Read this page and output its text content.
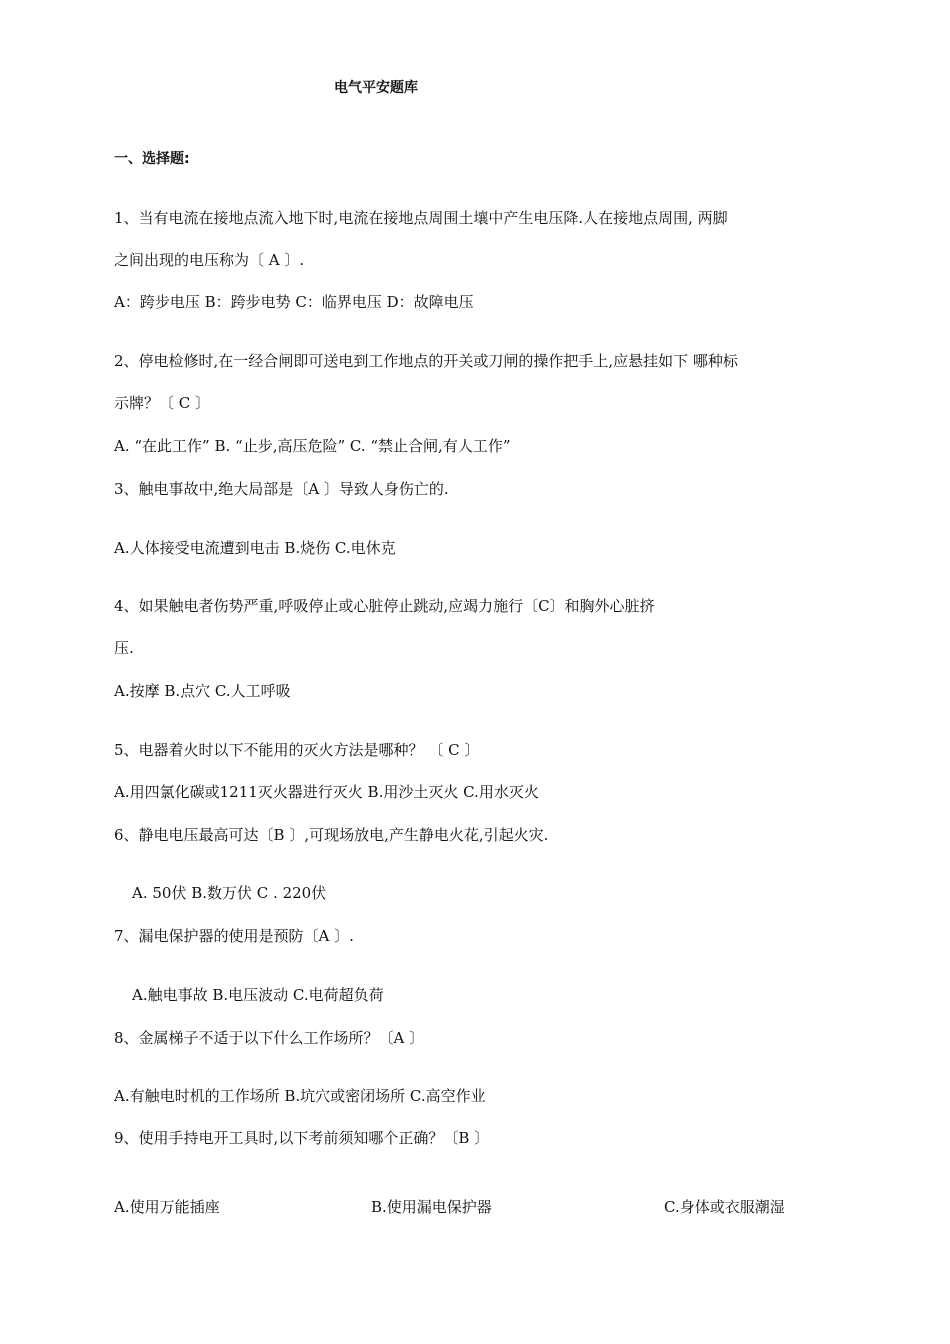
电气平安题库
一、选择题:
1、当有电流在接地点流入地下时,电流在接地点周围土壤中产生电压降.人在接地点周围, 两脚
之间出现的电压称为〔 A 〕.
A：跨步电压 B：跨步电势 C：临界电压 D：故障电压
2、停电检修时,在一经合闸即可送电到工作地点的开关或刀闸的操作把手上,应悬挂如下 哪种标
示牌？〔 C 〕
A. “在此工作” B. “止步,高压危险” C. “禁止合闸,有人工作”
3、触电事故中,绝大局部是〔A 〕导致人身伤亡的.
A.人体接受电流遭到电击 B.烧伤 C.电休克
4、如果触电者伤势严重,呼吸停止或心脏停止跳动,应竭力施行〔C〕和胸外心脏挤
压.
A.按摩 B.点穴 C.人工呼吸
5、电器着火时以下不能用的灭火方法是哪种？ 〔 C 〕
A.用四氯化碳或1211灭火器进行灭火 B.用沙土灭火 C.用水灭火
6、静电电压最高可达〔B 〕,可现场放电,产生静电火花,引起火灾.
A. 50伏 B.数万伏 C . 220伏
7、漏电保护器的使用是预防〔A 〕.
A.触电事故 B.电压波动 C.电荷超负荷
8、金属梯子不适于以下什么工作场所？〔A 〕
A.有触电时机的工作场所 B.坑穴或密闭场所 C.高空作业
9、使用手持电开工具时,以下考前须知哪个正确？〔B 〕
A.使用万能插座	B.使用漏电保护器	C.身体或衣服潮湿
